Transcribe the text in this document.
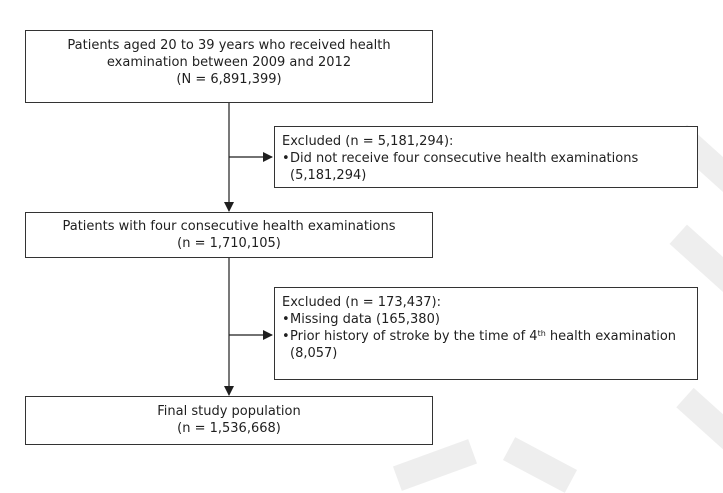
Patients aged 20 to 39 years who received health
examination between 2009 and 2012
(N = 6,891,399)
Excluded (n = 5,181,294):
• Did not receive four consecutive health examinations
(5,181,294)
Patients with four consecutive health examinations
(n = 1,710,105)
Excluded (n = 173,437):
• Missing data (165,380)
• Prior history of stroke by the time of 4th health examination
(8,057)
Final study population
(n = 1,536,668)
